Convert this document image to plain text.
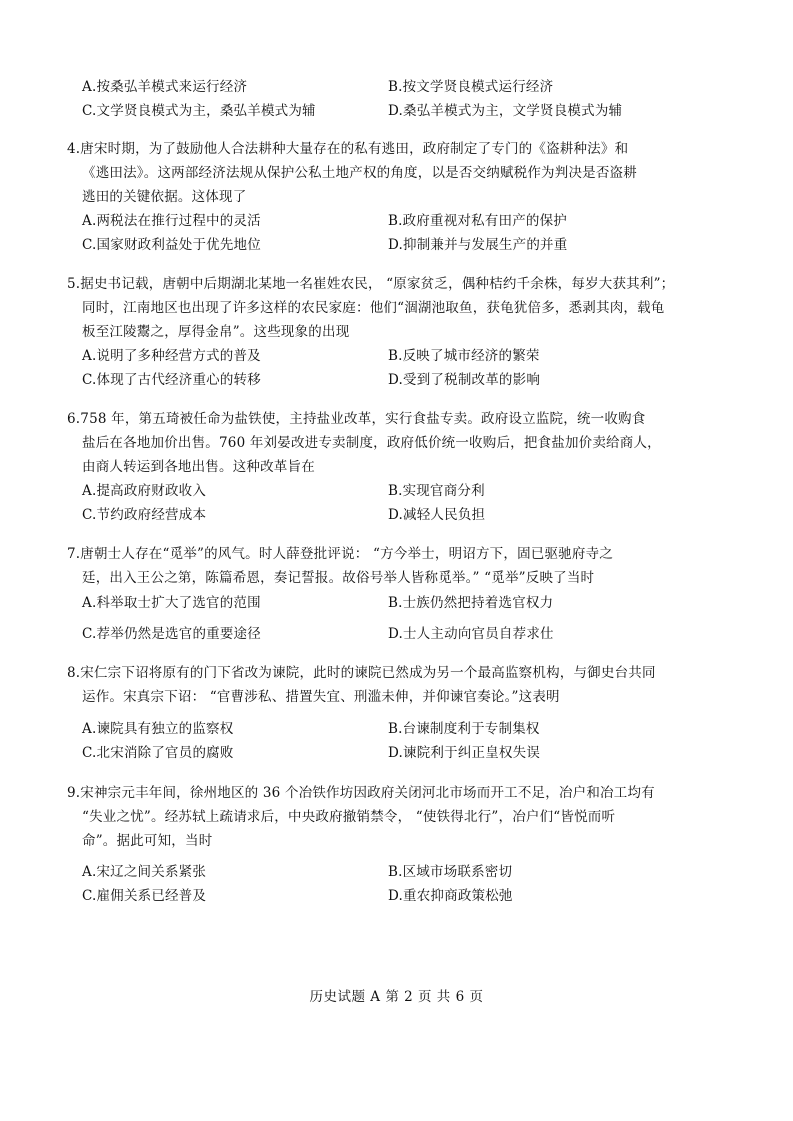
A.按桑弘羊模式来运行经济	B.按文学贤良模式运行经济
C.文学贤良模式为主，桑弘羊模式为辅	D.桑弘羊模式为主，文学贤良模式为辅
4.唐宋时期，为了鼓励他人合法耕种大量存在的私有逃田，政府制定了专门的《盗耕种法》和
《逃田法》。这两部经济法规从保护公私土地产权的角度，以是否交纳赋税作为判决是否盗耕
逃田的关键依据。这体现了
A.两税法在推行过程中的灵活	B.政府重视对私有田产的保护
C.国家财政利益处于优先地位	D.抑制兼并与发展生产的并重
5.据史书记载，唐朝中后期湖北某地一名崔姓农民， “原家贫乏，偶种桔约千余株，每岁大获其利”；
同时，江南地区也出现了许多这样的农民家庭：他们“涸湖池取鱼，获龟犹倍多，悉剥其肉，载龟
板至江陵鬻之，厚得金帛”。这些现象的出现
A.说明了多种经营方式的普及	B.反映了城市经济的繁荣
C.体现了古代经济重心的转移	D.受到了税制改革的影响
6.758 年，第五琦被任命为盐铁使，主持盐业改革，实行食盐专卖。政府设立监院，统一收购食
盐后在各地加价出售。760 年刘晏改进专卖制度，政府低价统一收购后，把食盐加价卖给商人，
由商人转运到各地出售。这种改革旨在
A.提高政府财政收入	B.实现官商分利
C.节约政府经营成本	D.减轻人民负担
7.唐朝士人存在“觅举”的风气。时人薛登批评说： “方今举士，明诏方下，固已驱驰府寺之
廷，出入王公之第，陈篇希恩，奏记誓报。故俗号举人皆称觅举。” “觅举”反映了当时
A.科举取士扩大了选官的范围	B.士族仍然把持着选官权力
C.荐举仍然是选官的重要途径	D.士人主动向官员自荐求仕
8.宋仁宗下诏将原有的门下省改为谏院，此时的谏院已然成为另一个最高监察机构，与御史台共同
运作。宋真宗下诏： “官曹涉私、措置失宜、刑滥未伸，并仰谏官奏论。”这表明
A.谏院具有独立的监察权	B.台谏制度利于专制集权
C.北宋消除了官员的腐败	D.谏院利于纠正皇权失误
9.宋神宗元丰年间，徐州地区的 36 个冶铁作坊因政府关闭河北市场而开工不足，冶户和冶工均有
“失业之忧”。经苏轼上疏请求后，中央政府撤销禁令， “使铁得北行”，冶户们“皆悦而听
命”。据此可知，当时
A.宋辽之间关系紧张	B.区域市场联系密切
C.雇佣关系已经普及	D.重农抑商政策松弛
历史试题 A 第 2 页 共 6 页
